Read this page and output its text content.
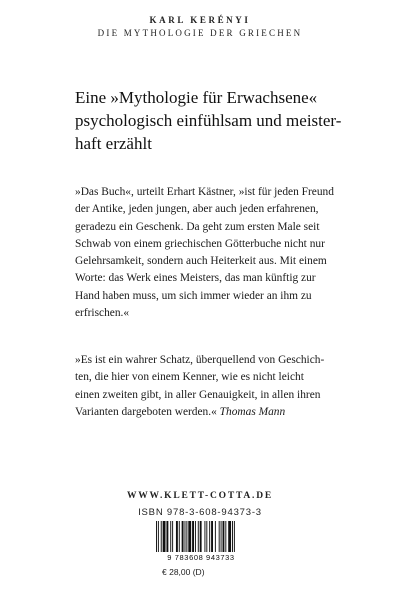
KARL KERÉNYI
DIE MYTHOLOGIE DER GRIECHEN
Eine »Mythologie für Erwachsene«
psychologisch einfühlsam und meister-
haft erzählt
»Das Buch«, urteilt Erhart Kästner, »ist für jeden Freund
der Antike, jeden jungen, aber auch jeden erfahrenen,
geradezu ein Geschenk. Da geht zum ersten Male seit
Schwab von einem griechischen Götterbuche nicht nur
Gelehrsamkeit, sondern auch Heiterkeit aus. Mit einem
Worte: das Werk eines Meisters, das man künftig zur
Hand haben muss, um sich immer wieder an ihm zu
erfrischen.«
»Es ist ein wahrer Schatz, überquellend von Geschich-
ten, die hier von einem Kenner, wie es nicht leicht
einen zweiten gibt, in aller Genauigkeit, in allen ihren
Varianten dargeboten werden.« Thomas Mann
WWW.KLETT-COTTA.DE
ISBN 978-3-608-94373-3
9 783608 943733
€ 28,00 (D)
